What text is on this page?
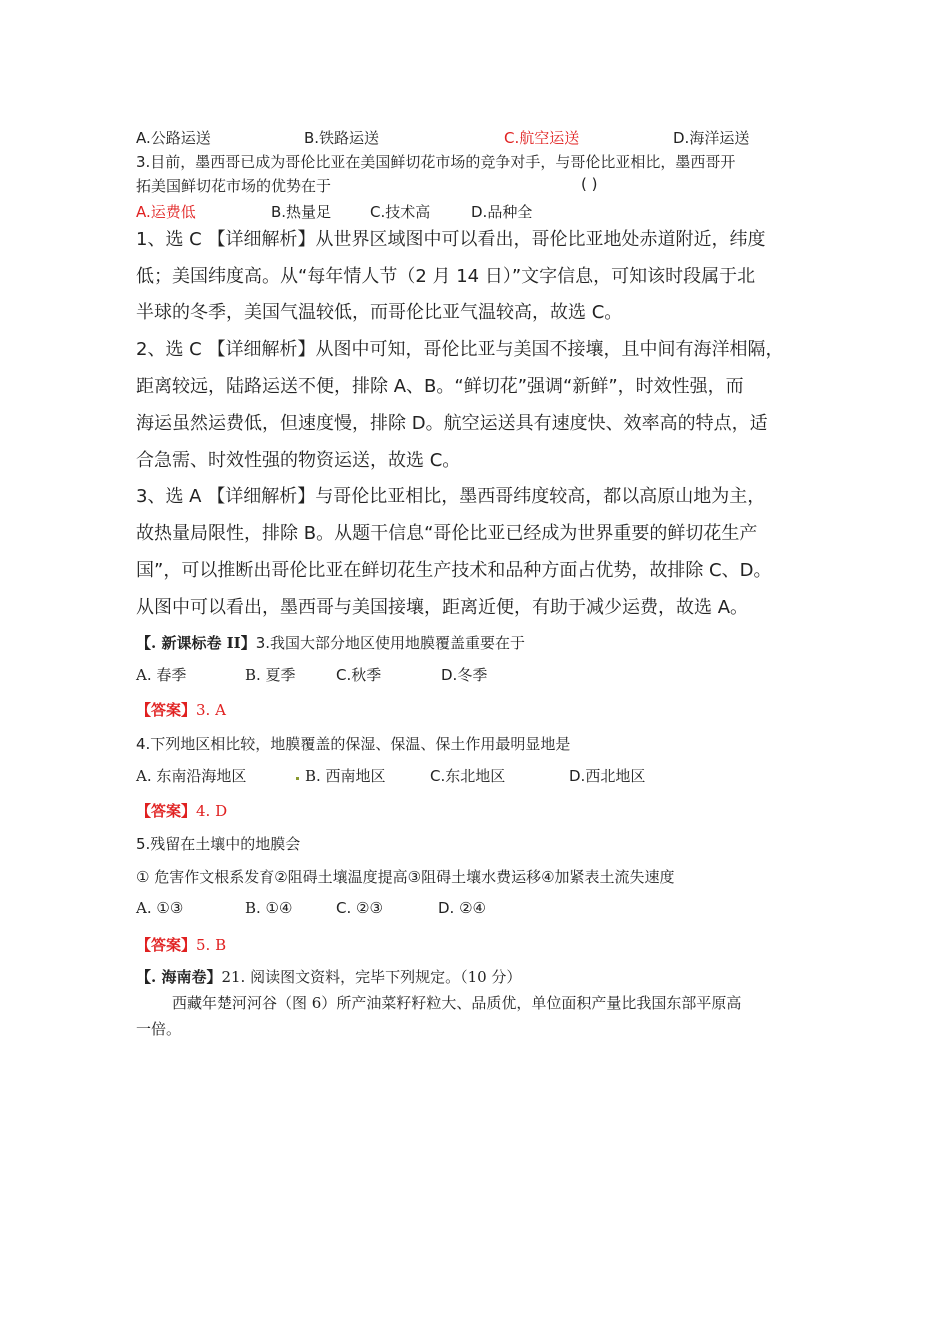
A.公路运送	B.铁路运送	C.航空运送	D.海洋运送
3.目前，墨西哥已成为哥伦比亚在美国鲜切花市场的竞争对手，与哥伦比亚相比，墨西哥开
拓美国鲜切花市场的优势在于	( )
A.运费低	B.热量足	C.技术高	D.品种全
1、选 C 【详细解析】从世界区域图中可以看出，哥伦比亚地处赤道附近，纬度
低；美国纬度高。从“每年情人节（2 月 14 日）”文字信息，可知该时段属于北
半球的冬季，美国气温较低，而哥伦比亚气温较高，故选 C。
2、选 C 【详细解析】从图中可知，哥伦比亚与美国不接壤，且中间有海洋相隔，
距离较远，陆路运送不便，排除 A、B。“鲜切花”强调“新鲜”，时效性强，而
海运虽然运费低，但速度慢，排除 D。航空运送具有速度快、效率高的特点，适
合急需、时效性强的物资运送，故选 C。
3、选 A 【详细解析】与哥伦比亚相比，墨西哥纬度较高，都以高原山地为主，
故热量局限性，排除 B。从题干信息“哥伦比亚已经成为世界重要的鲜切花生产
国”，可以推断出哥伦比亚在鲜切花生产技术和品种方面占优势，故排除 C、D。
从图中可以看出，墨西哥与美国接壤，距离近便，有助于减少运费，故选 A。
【. 新课标卷 II】3.我国大部分地区使用地膜覆盖重要在于
A. 春季	B. 夏季	C.秋季	D.冬季
【答案】3. A
4.下列地区相比较，地膜覆盖的保湿、保温、保土作用最明显地是
A. 东南沿海地区	B. 西南地区	C.东北地区	D.西北地区
【答案】4. D
5.残留在土壤中的地膜会
① 危害作文根系发育②阻碍土壤温度提高③阻碍土壤水费运移④加紧表土流失速度
A. ①③	B. ①④	C. ②③	D. ②④
【答案】5. B
【. 海南卷】21. 阅读图文资料，完毕下列规定。（10 分）
西藏年楚河河谷（图 6）所产油菜籽籽粒大、品质优，单位面积产量比我国东部平原高
一倍。
